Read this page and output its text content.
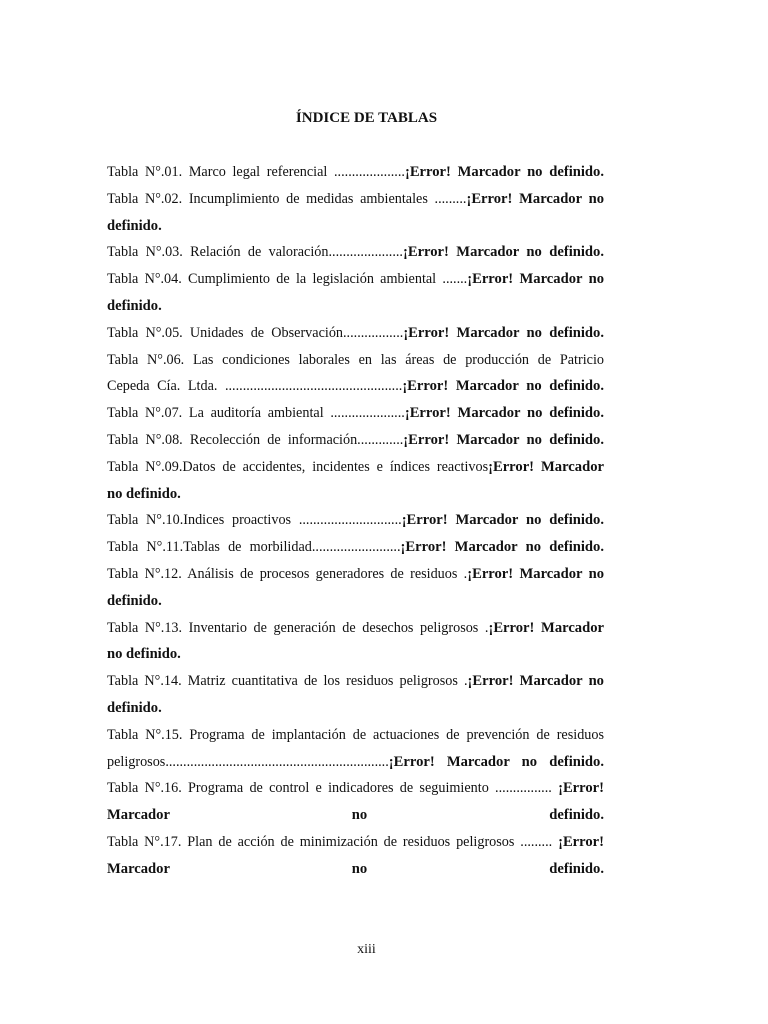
ÍNDICE DE TABLAS

Tabla N°.01. Marco legal referencial ....................¡Error! Marcador no definido.

Tabla N°.02. Incumplimiento de medidas ambientales .........¡Error! Marcador no

definido.

Tabla N°.03. Relación de valoración.....................¡Error! Marcador no definido.

Tabla N°.04. Cumplimiento de la legislación ambiental .......¡Error! Marcador no

definido.

Tabla N°.05. Unidades de Observación.................¡Error! Marcador no definido.

Tabla N°.06. Las condiciones laborales en las áreas de producción de Patricio

Cepeda Cía. Ltda. ..................................................¡Error! Marcador no definido.

Tabla N°.07. La auditoría ambiental .....................¡Error! Marcador no definido.

Tabla N°.08. Recolección de información.............¡Error! Marcador no definido.

Tabla N°.09.Datos de accidentes, incidentes e índices reactivos¡Error! Marcador

no definido.

Tabla N°.10.Indices proactivos .............................¡Error! Marcador no definido.

Tabla N°.11.Tablas de morbilidad.........................¡Error! Marcador no definido.

Tabla N°.12. Análisis de procesos generadores de residuos .¡Error! Marcador no

definido.

Tabla N°.13. Inventario de generación de desechos peligrosos .¡Error! Marcador

no definido.

Tabla N°.14. Matriz cuantitativa de los residuos peligrosos .¡Error! Marcador no

definido.

Tabla N°.15. Programa de implantación de actuaciones de prevención de residuos

peligrosos...............................................................¡Error! Marcador no definido.

Tabla N°.16. Programa de control e indicadores de seguimiento ................ ¡Error!

Marcador no definido.

Tabla N°.17. Plan de acción de minimización de residuos peligrosos ......... ¡Error!

Marcador no definido.

xiii
